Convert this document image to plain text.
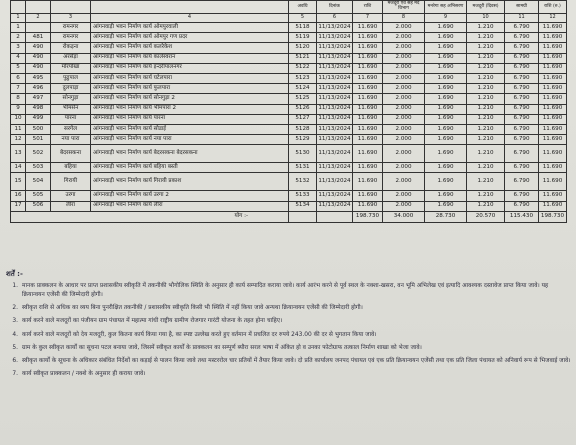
				अवधि	दिनांक	राशि	मजदूरी एवं सह मद विभाग	मनरेगा सह अभिसरण	मजदूरी (दिवस)	सामग्री	राशि (रु.)
1	2	3	4	5	6	7	8	9	10	11	12
1		रामनगर	आंगनवाड़ी भवन निर्माण कार्य ओमपुरवाली	5118	11/13/2024	11.690	2.000	1.690	1.210	6.790	11.690
2	481	रामनगर	आंगनवाड़ी भवन निर्माण कार्य ओमपुर गण प्रदर	5119	11/13/2024	11.690	2.000	1.690	1.210	6.790	11.690
3	490	रोकड़ना	आंगनवाड़ी भवन निर्माण कार्य कलरेकेश	5120	11/13/2024	11.690	2.000	1.690	1.210	6.790	11.690
4	490	अरसेड़ा	आंगनवाड़ी भवन निर्माण कार्य कालेस्वरान	5121	11/13/2024	11.690	2.000	1.690	1.210	6.790	11.690
5	490	मोरपोखा	आंगनवाड़ी भवन निर्माण कार्य इन्दरीपालनगर	5122	11/13/2024	11.690	2.000	1.690	1.210	6.790	11.690
6	495	पुढुपाल	आंगनवाड़ी भवन निर्माण कार्य घटेलपारा	5123	11/13/2024	11.690	2.000	1.690	1.210	6.790	11.690
7	496	दुलपाड़ा	आंगनवाड़ी भवन निर्माण कार्य फुलपारा	5124	11/13/2024	11.690	2.000	1.690	1.210	6.790	11.690
8	497	सोनगुड़ा	आंगनवाड़ी भवन निर्माण कार्य सोनगुड़ा 2	5125	11/13/2024	11.690	2.000	1.690	1.210	6.790	11.690
9	498	भीमसेन	आंगनवाड़ी भवन निर्माण कार्य भीमपारा 2	5126	11/13/2024	11.690	2.000	1.690	1.210	6.790	11.690
10	499	पारना	आंगनवाड़ी भवन निर्माण कार्य पारना	5127	11/13/2024	11.690	2.000	1.690	1.210	6.790	11.690
11	500	सरगेल	आंगनवाड़ी भवन निर्माण कार्य सोडाई	5128	11/13/2024	11.690	2.000	1.690	1.210	6.790	11.690
12	501	नया पारा	आंगनवाड़ी भवन निर्माण कार्य नया पारा	5129	11/13/2024	11.690	2.000	1.690	1.210	6.790	11.690
13	502	बेदरसकना	आंगनवाड़ी भवन निर्माण कार्य बेदरसकना बेदरसकना	5130	11/13/2024	11.690	2.000	1.690	1.210	6.790	11.690
14	503	बहिया	आंगनवाड़ी भवन निर्माण कार्य बहिया बस्ती	5131	11/13/2024	11.690	2.000	1.690	1.210	6.790	11.690
15	504	गिरायी	आंगनवाड़ी भवन निर्माण कार्य गिरायी प्रकाश	5132	11/13/2024	11.690	2.000	1.690	1.210	6.790	11.690
16	505	उरगा	आंगनवाड़ी भवन निर्माण कार्य उरगा 2	5133	11/13/2024	11.690	2.000	1.690	1.210	6.790	11.690
17	506	लीरा	आंगनवाड़ी भवन निर्माण कार्य लीरा	5134	11/13/2024	11.690	2.000	1.690	1.210	6.790	11.690
योग :-						198.730	34.000	28.730	20.570	115.430	198.730
शर्तें :-
1. मानक प्राक्कलन के आधार पर प्राप्त प्रशासकीय स्वीकृति में तकनीकी भौगोलिक स्थिति के अनुसार ही कार्य सम्पादित कराया जावे। कार्य आरंभ करने से पूर्व स्थल के नक्शा-खसरा, वन भूमि अभिलेख एवं इत्यादि आवश्यक दस्तावेज प्राप्त किया जावे। यह क्रियान्वयन एजेंसी की जिम्मेदारी होगी।
2. स्वीकृत राशि से अधिक का व्यय बिना पुनरीक्षित तकनीकी / प्रशासकीय स्वीकृति किसी भी स्थिति में नहीं किया जावे अन्यथा क्रियान्वयन एजेंसी की जिम्मेदारी होगी।
3. कार्य करने वाले मजदूरों का पंजीयन ग्राम पंचायत में महात्मा गांधी राष्ट्रीय ग्रामीण रोजगार गारंटी योजना के तहत होना चाहिए।
4. कार्य करने वाले मजदूरों को देय मजदूरी, कुल कितना कार्य किया गया है, का स्पष्ट उल्लेख करते हुए वर्तमान में प्रचलित दर रुपये 243.00 की दर से भुगतान किया जावे।
5. ग्राम के कुल स्वीकृत कार्यों का सूचना पटल बनाया जावे, जिसमें स्वीकृत कार्यों के प्राक्कलन का सम्पूर्ण ब्यौरा सरल भाषा में अंकित हो व उनका फोटोग्राफ तत्काल निर्माण शाखा को भेजा जावे।
6. स्वीकृत कार्यों के सूचना के अधिकार संबंधित निर्देशों का कड़ाई से पालन किया जावे तथा मस्टररोल चार प्रतियों में तैयार किया जावे। दो प्रति कार्यालय जनपद पंचायत एवं एक प्रति क्रियान्वयन एजेंसी तथा एक प्रति जिला पंचायत को अनिवार्य रूप से भिजवाई जावे।
7. कार्य स्वीकृत प्राक्कलन / नक्शे के अनुसार ही कराया जावे।
